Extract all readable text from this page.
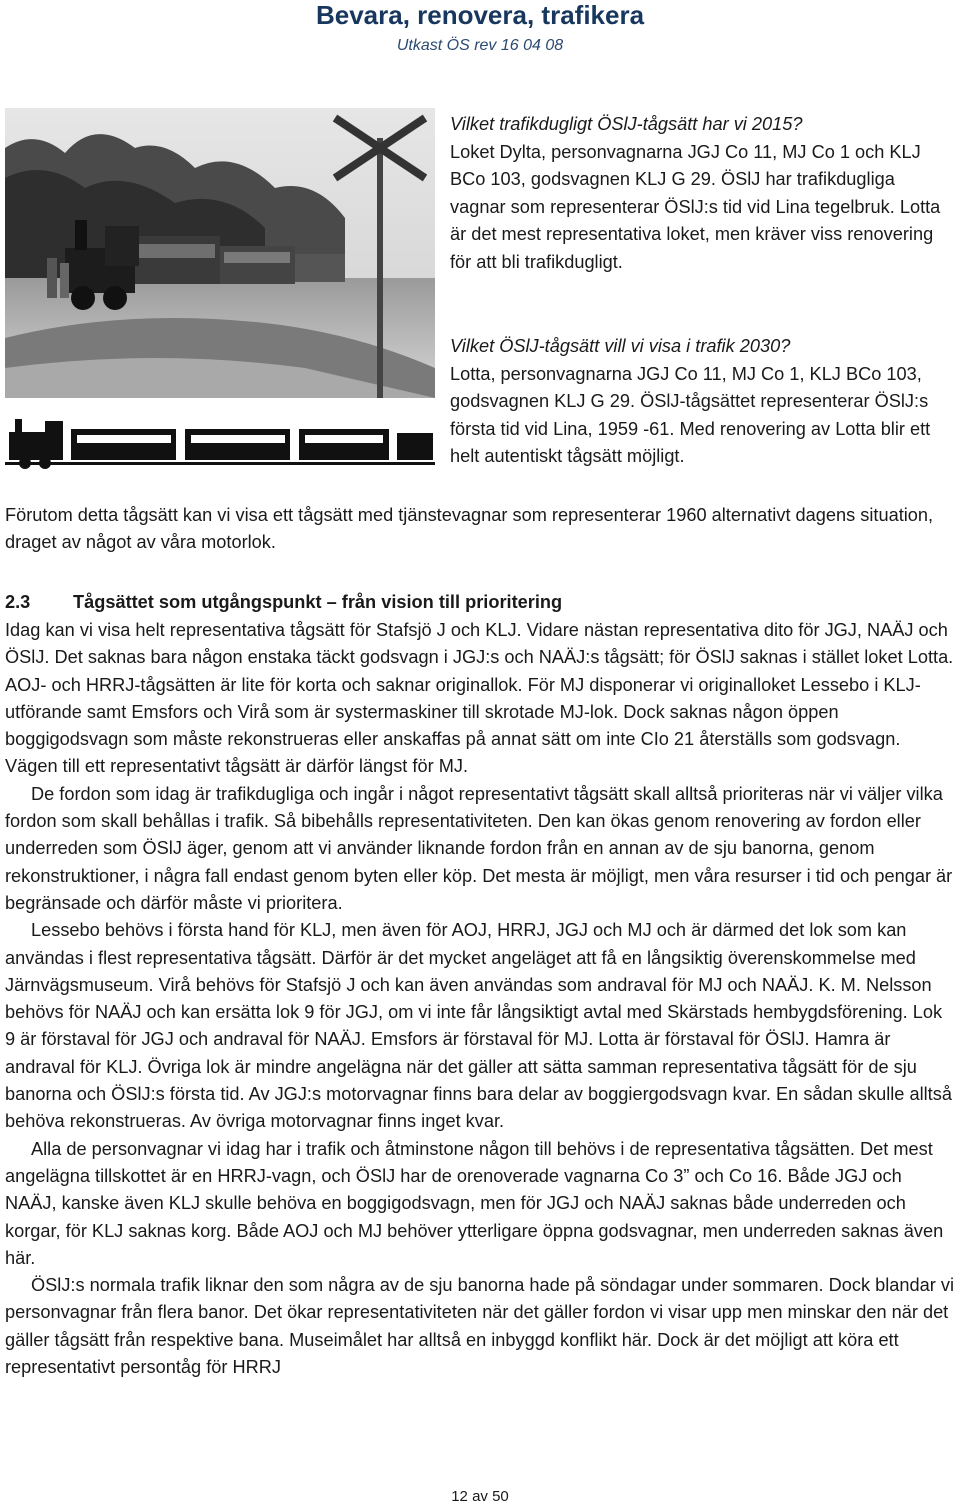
Bevara, renovera, trafikera
Utkast ÖS rev 16 04 08

Vilket trafikdugligt ÖSlJ-tågsätt har vi 2015?

Loket Dylta, personvagnarna JGJ Co 11, MJ Co 1 och KLJ BCo 103, godsvagnen KLJ G 29. ÖSlJ har trafikdugliga vagnar som representerar ÖSlJ:s tid vid Lina tegelbruk. Lotta är det mest representativa loket, men kräver viss renovering för att bli trafikdugligt.

Vilket ÖSlJ-tågsätt vill vi visa i trafik 2030?

Lotta, personvagnarna JGJ Co 11, MJ Co 1, KLJ BCo 103, godsvagnen KLJ G 29. ÖSlJ-tågsättet representerar ÖSlJ:s första tid vid Lina, 1959 -61. Med renovering av Lotta blir ett helt autentiskt tågsätt möjligt.

Förutom detta tågsätt kan vi visa ett tågsätt med tjänstevagnar som representerar 1960 alternativt dagens situation, draget av något av våra motorlok.

2.3 Tågsättet som utgångspunkt – från vision till prioritering

Idag kan vi visa helt representativa tågsätt för Stafsjö J och KLJ. Vidare nästan representativa dito för JGJ, NAÄJ och ÖSlJ. Det saknas bara någon enstaka täckt godsvagn i JGJ:s och NAÄJ:s tågsätt; för ÖSlJ saknas i stället loket Lotta. AOJ- och HRRJ-tågsätten är lite för korta och saknar originallok. För MJ disponerar vi originalloket Lessebo i KLJ-utförande samt Emsfors och Virå som är systermaskiner till skrotade MJ-lok. Dock saknas någon öppen boggigodsvagn som måste rekonstrueras eller anskaffas på annat sätt om inte CIo 21 återställs som godsvagn. Vägen till ett representativt tågsätt är därför längst för MJ.

De fordon som idag är trafikdugliga och ingår i något representativt tågsätt skall alltså prioriteras när vi väljer vilka fordon som skall behållas i trafik. Så bibehålls representativiteten. Den kan ökas genom renovering av fordon eller underreden som ÖSlJ äger, genom att vi använder liknande fordon från en annan av de sju banorna, genom rekonstruktioner, i några fall endast genom byten eller köp. Det mesta är möjligt, men våra resurser i tid och pengar är begränsade och därför måste vi prioritera.

Lessebo behövs i första hand för KLJ, men även för AOJ, HRRJ, JGJ och MJ och är därmed det lok som kan användas i flest representativa tågsätt. Därför är det mycket angeläget att få en långsiktig överenskommelse med Järnvägsmuseum. Virå behövs för Stafsjö J och kan även användas som andraval för MJ och NAÄJ. K. M. Nelsson behövs för NAÄJ och kan ersätta lok 9 för JGJ, om vi inte får långsiktigt avtal med Skärstads hembygdsförening. Lok 9 är förstaval för JGJ och andraval för NAÄJ. Emsfors är förstaval för MJ. Lotta är förstaval för ÖSlJ. Hamra är andraval för KLJ. Övriga lok är mindre angelägna när det gäller att sätta samman representativa tågsätt för de sju banorna och ÖSlJ:s första tid. Av JGJ:s motorvagnar finns bara delar av boggiergodsvagn kvar. En sådan skulle alltså behöva rekonstrueras. Av övriga motorvagnar finns inget kvar.

Alla de personvagnar vi idag har i trafik och åtminstone någon till behövs i de representativa tågsätten. Det mest angelägna tillskottet är en HRRJ-vagn, och ÖSlJ har de orenoverade vagnarna Co 3” och Co 16. Både JGJ och NAÄJ, kanske även KLJ skulle behöva en boggigodsvagn, men för JGJ och NAÄJ saknas både underreden och korgar, för KLJ saknas korg. Både AOJ och MJ behöver ytterligare öppna godsvagnar, men underreden saknas även här.

ÖSlJ:s normala trafik liknar den som några av de sju banorna hade på söndagar under sommaren. Dock blandar vi personvagnar från flera banor. Det ökar representativiteten när det gäller fordon vi visar upp men minskar den när det gäller tågsätt från respektive bana. Museimålet har alltså en inbyggd konflikt här. Dock är det möjligt att köra ett representativt persontåg för HRRJ

12 av 50
